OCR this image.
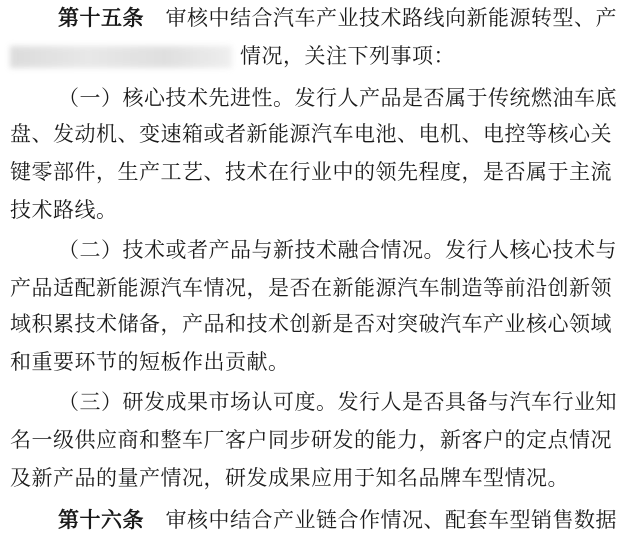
第十五条  审核中结合汽车产业技术路线向新能源转型、产
情况，关注下列事项：
（一）核心技术先进性。发行人产品是否属于传统燃油车底
盘、发动机、变速箱或者新能源汽车电池、电机、电控等核心关
键零部件，生产工艺、技术在行业中的领先程度，是否属于主流
技术路线。
（二）技术或者产品与新技术融合情况。发行人核心技术与
产品适配新能源汽车情况，是否在新能源汽车制造等前沿创新领
域积累技术储备，产品和技术创新是否对突破汽车产业核心领域
和重要环节的短板作出贡献。
（三）研发成果市场认可度。发行人是否具备与汽车行业知
名一级供应商和整车厂客户同步研发的能力，新客户的定点情况
及新产品的量产情况，研发成果应用于知名品牌车型情况。
第十六条  审核中结合产业链合作情况、配套车型销售数据
